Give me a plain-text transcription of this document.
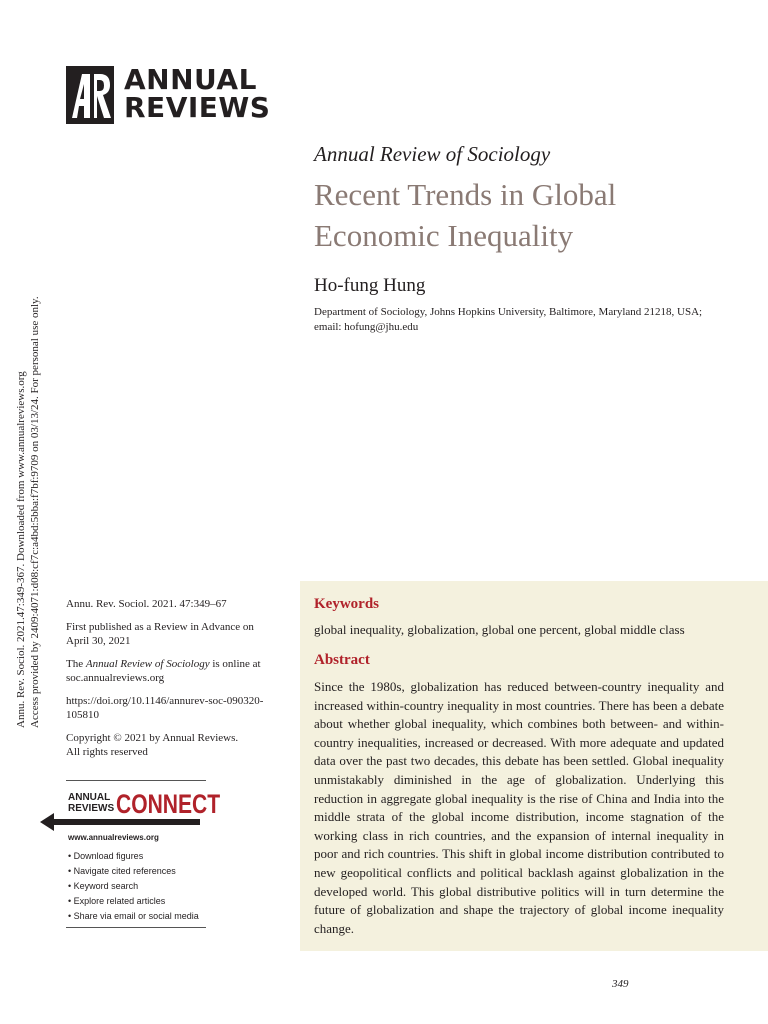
ANNUAL
REVIEWS
Annu. Rev. Sociol. 2021.47:349-367. Downloaded from www.annualreviews.org Access provided by 2409:4071:d08:cf7c:a4bd:5bba:f7bf:9709 on 03/13/24. For personal use only.
Annual Review of Sociology
Recent Trends in Global
Economic Inequality
Ho-fung Hung
Department of Sociology, Johns Hopkins University, Baltimore, Maryland 21218, USA;
email: hofung@jhu.edu

Annu. Rev. Sociol. 2021. 47:349–67

First published as a Review in Advance on
April 30, 2021

The Annual Review of Sociology is online at
soc.annualreviews.org

https://doi.org/10.1146/annurev-soc-090320-
105810

Copyright © 2021 by Annual Reviews.
All rights reserved

ANNUAL
REVIEWS CONNECT
www.annualreviews.org
• Download figures
• Navigate cited references
• Keyword search
• Explore related articles
• Share via email or social media
Keywords
global inequality, globalization, global one percent, global middle class
Abstract
Since the 1980s, globalization has reduced between-country inequality and increased within-country inequality in most countries. There has been a debate about whether global inequality, which combines both between- and within-country inequalities, increased or decreased. With more adequate and updated data over the past two decades, this debate has been settled. Global inequality unmistakably diminished in the age of globalization. Underlying this reduction in aggregate global inequality is the rise of China and India into the middle strata of the global income distribution, income stagnation of the working class in rich countries, and the expansion of internal inequality in poor and rich countries. This shift in global income distribution contributed to new geopolitical conflicts and political backlash against globalization in the developed world. This global distributive politics will in turn determine the future of globalization and shape the trajectory of global income inequality change.
349
